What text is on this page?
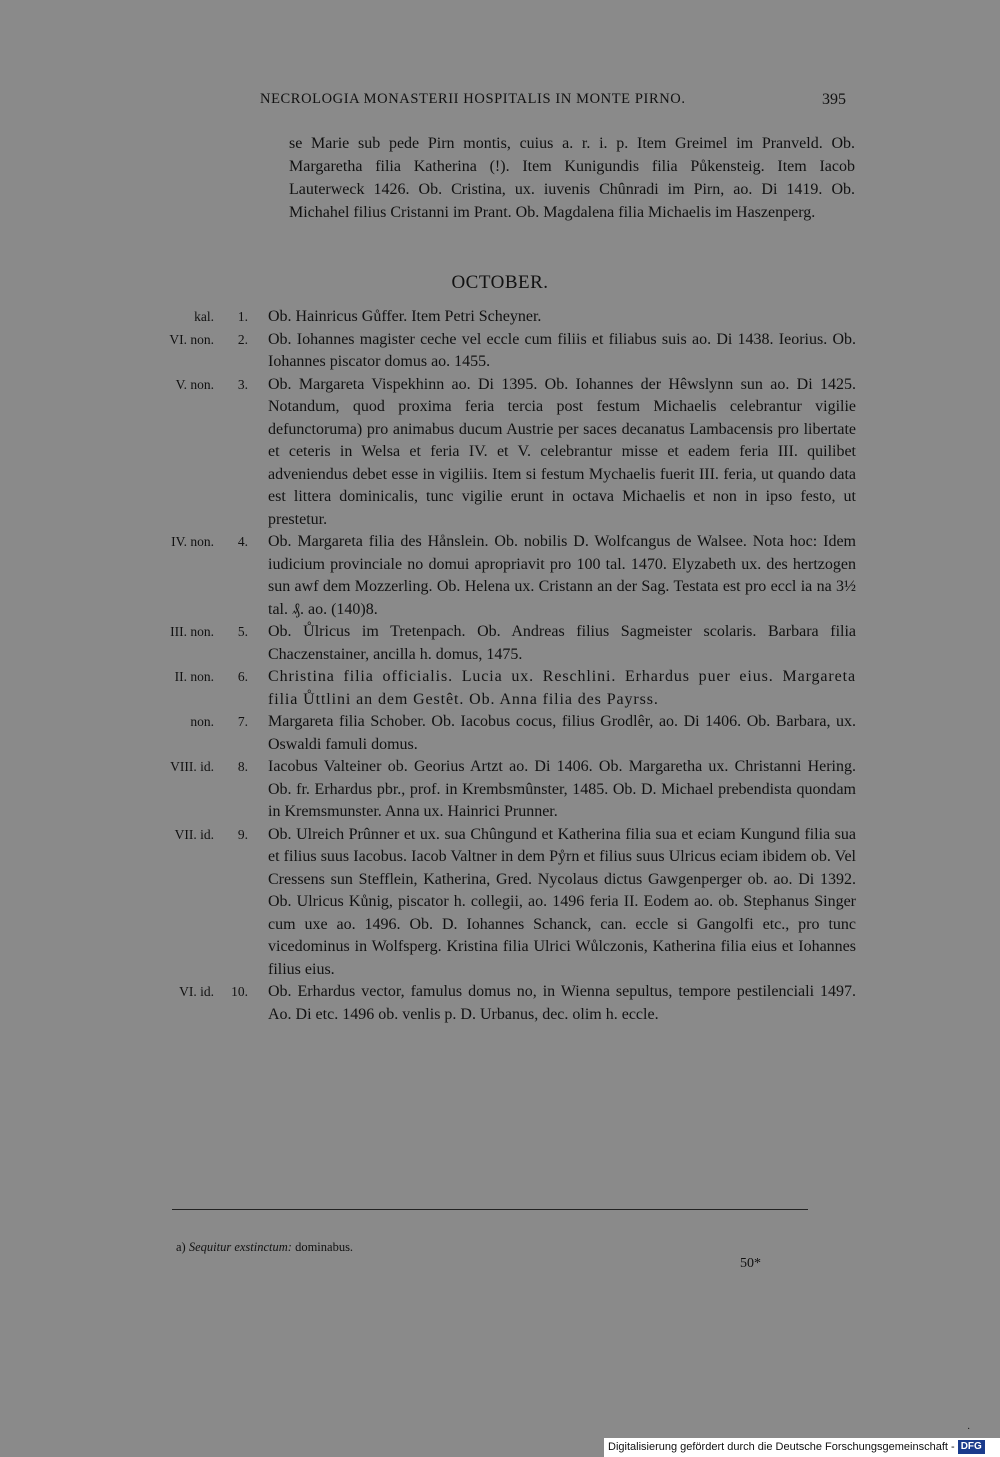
NECROLOGIA MONASTERII HOSPITALIS IN MONTE PIRNO.	395
se Marie sub pede Pirn montis, cuius a. r. i. p. Item Greimel im Pranveld. Ob. Margaretha filia Katherina (!). Item Kunigundis filia Půkensteig. Item Iacob Lauterweck 1426. Ob. Cristina, ux. iuvenis Chûnradi im Pirn, ao. Di 1419. Ob. Michahel filius Cristanni im Prant. Ob. Magdalena filia Michaelis im Haszenperg.
OCTOBER.
kal.	1. Ob. Hainricus Gůffer. Item Petri Scheyner.
VI. non.	2. Ob. Iohannes magister ceche vel eccle cum filiis et filiabus suis ao. Di 1438. Ieorius. Ob. Iohannes piscator domus ao. 1455.
V. non.	3. Ob. Margareta Vispekhinn ao. Di 1395. Ob. Iohannes der Hêwslynn sun ao. Di 1425. Notandum, quod proxima feria tercia post festum Michaelis celebrantur vigilie defunctoruma) pro animabus ducum Austrie per saces decanatus Lambacensis pro libertate et ceteris in Welsa et feria IV. et V. celebrantur misse et eadem feria III. quilibet adveniendus debet esse in vigiliis. Item si festum Mychaelis fuerit III. feria, ut quando data est littera dominicalis, tunc vigilie erunt in octava Michaelis et non in ipso festo, ut prestetur.
IV. non.	4. Ob. Margareta filia des Hånslein. Ob. nobilis D. Wolfcangus de Walsee. Nota hoc: Idem iudicium provinciale no domui apropriavit pro 100 tal. 1470. Elyzabeth ux. des hertzogen sun awf dem Mozzerling. Ob. Helena ux. Cristann an der Sag. Testata est pro eccl ia na 3½ tal. ₰. ao. (140)8.
III. non.	5. Ob. Ůlricus im Tretenpach. Ob. Andreas filius Sagmeister scolaris. Barbara filia Chaczenstainer, ancilla h. domus, 1475.
II. non.	6. Christina filia officialis. Lucia ux. Reschlini. Erhardus puer eius. Margareta filia Ůttlini an dem Gestêt. Ob. Anna filia des Payrss.
non.	7. Margareta filia Schober. Ob. Iacobus cocus, filius Grodlêr, ao. Di 1406. Ob. Barbara, ux. Oswaldi famuli domus.
VIII. id.	8. Iacobus Valteiner ob. Georius Artzt ao. Di 1406. Ob. Margaretha ux. Christanni Hering. Ob. fr. Erhardus pbr., prof. in Krembsmûnster, 1485. Ob. D. Michael prebendista quondam in Kremsmunster. Anna ux. Hainrici Prunner.
VII. id.	9. Ob. Ulreich Prûnner et ux. sua Chûngund et Katherina filia sua et eciam Kungund filia sua et filius suus Iacobus. Iacob Valtner in dem Pẙrn et filius suus Ulricus eciam ibidem ob. Vel Cressens sun Stefflein, Katherina, Gred. Nycolaus dictus Gawgenperger ob. ao. Di 1392. Ob. Ulricus Kůnig, piscator h. collegii, ao. 1496 feria II. Eodem ao. ob. Stephanus Singer cum uxe ao. 1496. Ob. D. Iohannes Schanck, can. eccle si Gangolfi etc., pro tunc vicedominus in Wolfsperg. Kristina filia Ulrici Wůlczonis, Katherina filia eius et Iohannes filius eius.
VI. id. 10. Ob. Erhardus vector, famulus domus no, in Wienna sepultus, tempore pestilenciali 1497. Ao. Di etc. 1496 ob. venlis p. D. Urbanus, dec. olim h. eccle.
a) Sequitur exstinctum: dominabus.
50*
·
Digitalisierung gefördert durch die Deutsche Forschungsgemeinschaft - DFG
